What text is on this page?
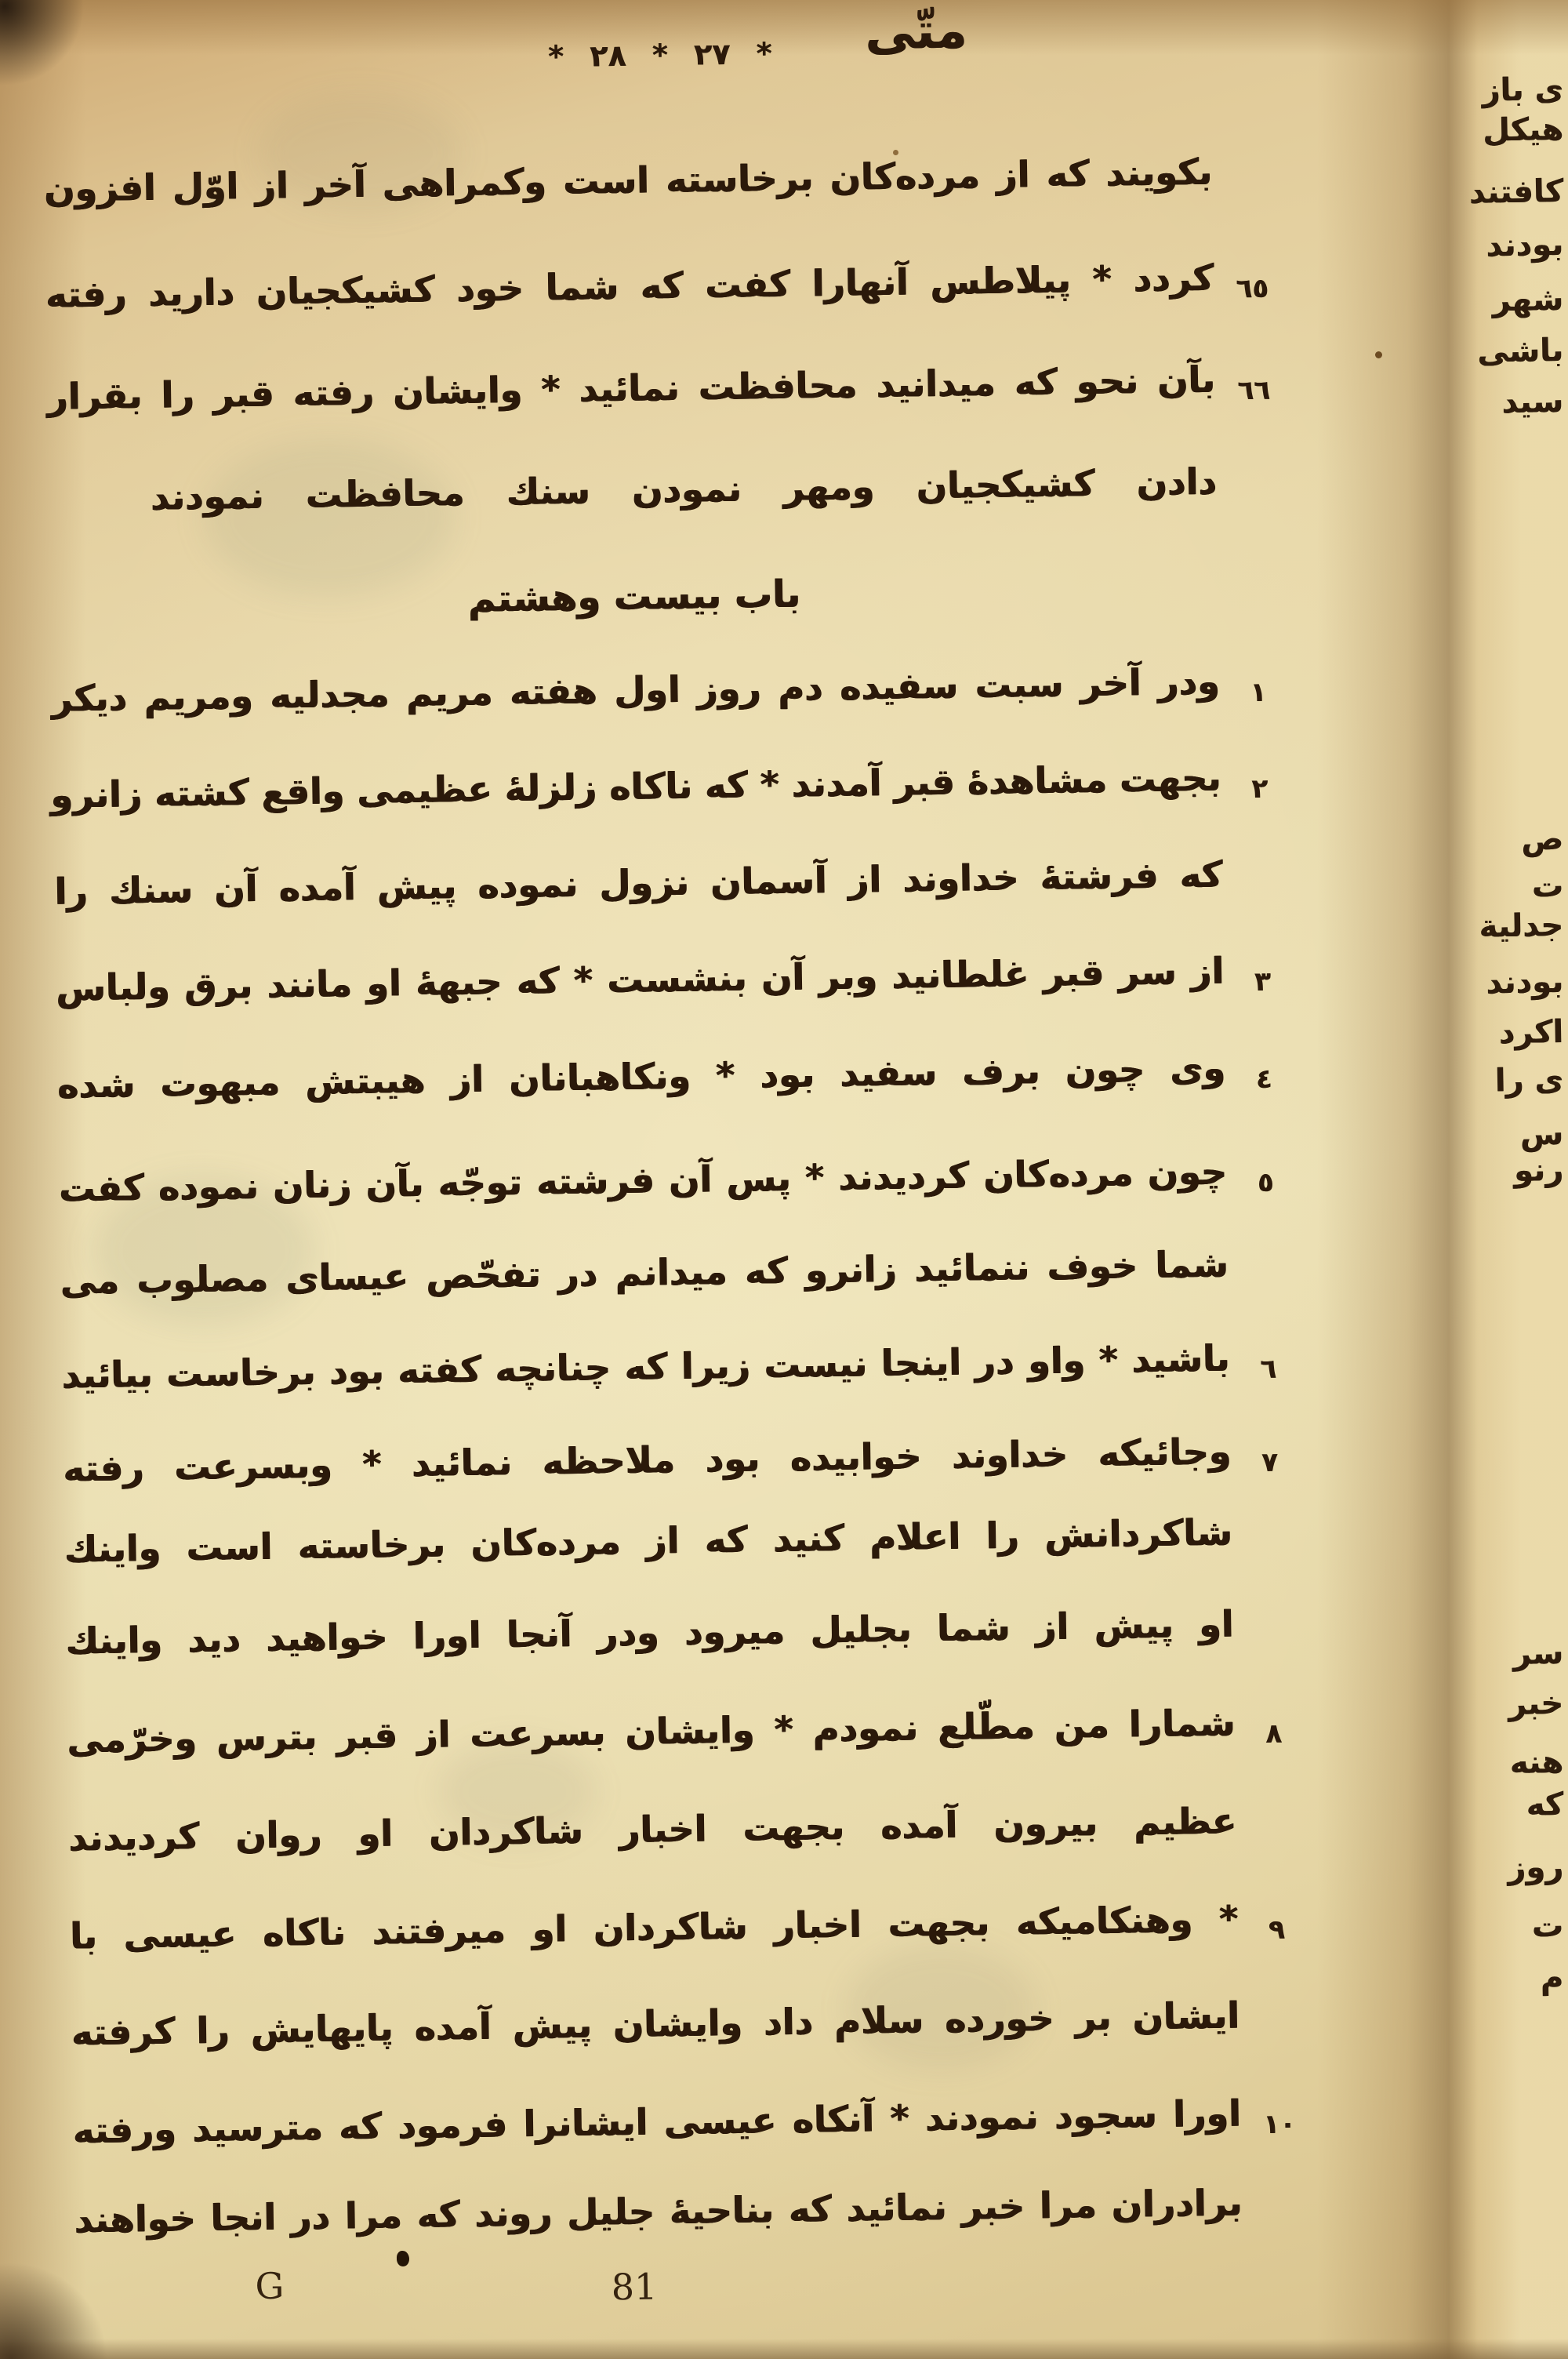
متّى
* ٢٧ * ٢٨ *
بكويند كه از مرده‌كان برخاسته است وكمراهى آخر از اوّل افزون
كردد * پيلاطس آنهارا كفت كه شما خود كشيكجيان داريد رفته ٦٥
بآن نحو كه ميدانيد محافظت نمائيد * وايشان رفته قبر را بقرار ٦٦
دادن كشيكجيان ومهر نمودن سنك محافظت نمودند
باب بيست وهشتم
ودر آخر سبت سفيده دم روز اول هفته مريم مجدليه ومريم ديكر	١
بجهت مشاهدهٔ قبر آمدند * كه ناكاه زلزلهٔ عظيمى واقع كشته زانرو	٢
كه فرشتهٔ خداوند از آسمان نزول نموده پيش آمده آن سنك را
از سر قبر غلطانيد وبر آن بنشست * كه جبههٔ او مانند برق ولباس	٣
وى چون برف سفيد بود * ونكاهبانان از هيبتش مبهوت شده	٤
چون مرده‌كان كرديدند * پس آن فرشته توجّه بآن زنان نموده كفت	٥
شما خوف ننمائيد زانرو كه ميدانم در تفحّص عيساى مصلوب مى
باشيد * واو در اينجا نيست زيرا كه چنانچه كفته بود برخاست بيائيد	٦
وجائيكه خداوند خوابيده بود ملاحظه نمائيد * وبسرعت رفته	٧
شاكردانش را اعلام كنيد كه از مرده‌كان برخاسته است واينك
او پيش از شما بجليل ميرود ودر آنجا اورا خواهيد ديد واينك
شمارا من مطّلع نمودم * وايشان بسرعت از قبر بترس وخرّمى	٨
عظيم بيرون آمده بجهت اخبار شاكردان او روان كرديدند
* وهنكاميكه بجهت اخبار شاكردان او ميرفتند ناكاه عيسى با	٩
ايشان بر خورده سلام داد وايشان پيش آمده پايهايش را كرفته
اورا سجود نمودند * آنكاه عيسى ايشانرا فرمود كه مترسيد ورفته ١٠
برادران مرا خبر نمائيد كه بناحيهٔ جليل روند كه مرا در انجا خواهند
G	81
ى باز
هيكل
كافتند
بودند
شهر
باشى
سيد
ص
ت
جدلية
بودند
اكرد
ى را
س
رنو
سر
خبر
هنه
كه
روز
ت
م
